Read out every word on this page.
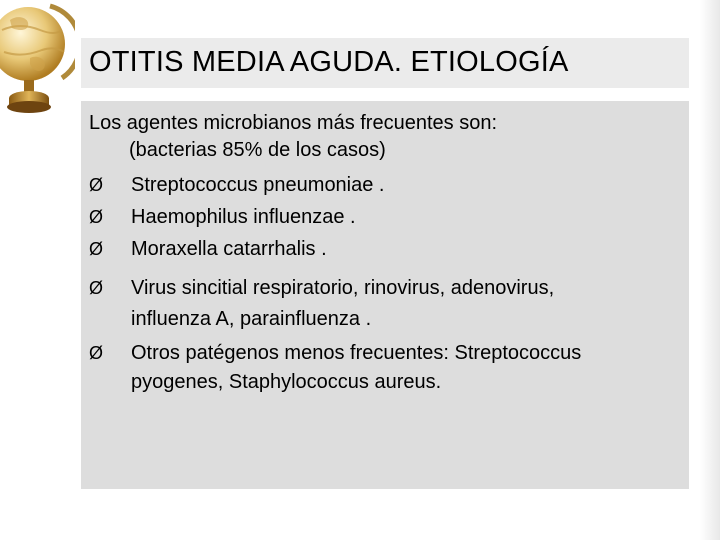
OTITIS MEDIA AGUDA. ETIOLOGÍA
Los agentes microbianos más frecuentes son:
(bacterias 85% de los casos)
Ø Streptococcus pneumoniae .
Ø Haemophilus influenzae .
Ø Moraxella catarrhalis .
Ø Virus sincitial respiratorio, rinovirus, adenovirus,
influenza A, parainfluenza .
Ø Otros patégenos menos frecuentes: Streptococcus
pyogenes, Staphylococcus aureus.
